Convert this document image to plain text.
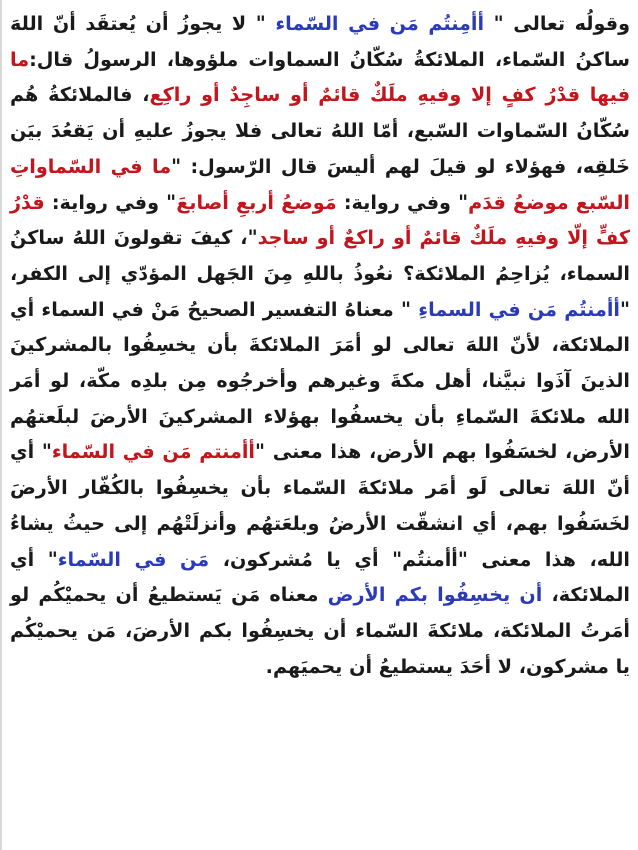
وقولُه تعالى " أأمِنتُم مَن في السّماء " لا يجوزُ أن يُعتقَد أنّ اللهَ ساكنُ السّماء، الملائكةُ سُكّانُ السماوات ملؤوها، الرسولُ قال:ما فيها قدْرُ كفٍ إلا وفيهِ ملَكٌ قائمٌ أو ساجِدٌ أو راكِع، فالملائكةُ هُم سُكّانُ السّماوات السّبع، أمّا اللهُ تعالى فلا يجوزُ عليهِ أن يَقعُدَ بيَن خَلقِه، فهؤلاء لو قيلَ لهم أليسَ قال الرّسول: "ما في السّماواتِ السّبع موضعُ قدَم" وفي رواية: مَوضعُ أربعِ أصابعَ" وفي رواية: قدْرُ كفٍّ إلّا وفيهِ ملَكٌ قائمٌ أو راكعٌ أو ساجد"، كيفَ تقولونَ اللهُ ساكنُ السماء، يُزاحِمُ الملائكة؟ نعُوذُ باللهِ مِنَ الجَهل المؤدّي إلى الكفر، "أأمنتُم مَن في السماءِ " معناهُ التفسير الصحيحُ مَنْ في السماء أي الملائكة، لأنّ اللهَ تعالى لو أمَرَ الملائكةَ بأن يخسِفُوا بالمشركينَ الذينَ آذَوا نبيَّنا، أهل مكةَ وغيرهم وأخرجُوه مِن بلدِه مكّة، لو أمَر الله ملائكةَ السّماءِ بأن يخسفُوا بهؤلاء المشركينَ الأرضَ لبلَعتهُم الأرض، لخسَفُوا بهم الأرض، هذا معنى "أأمنتم مَن في السّماء" أي أنّ اللهَ تعالى لَو أمَر ملائكةَ السّماء بأن يخسِفُوا بالكُفّار الأرضَ لخَسَفُوا بهم، أي انشقّت الأرضُ وبلعَتهُم وأنزلَتْهُم إلى حيثُ يشاءُ الله، هذا معنى "أأمنتُم" أي يا مُشركون، مَن في السّماء" أي الملائكة، أن يخسِفُوا بكم الأرض معناه مَن يَستطيعُ أن يحميْكُم لو أمَرتُ الملائكة، ملائكةَ السّماء أن يخسِفُوا بكم الأرضَ، مَن يحميْكُم يا مشركون، لا أحَدَ يستطيعُ أن يحميَهم.
